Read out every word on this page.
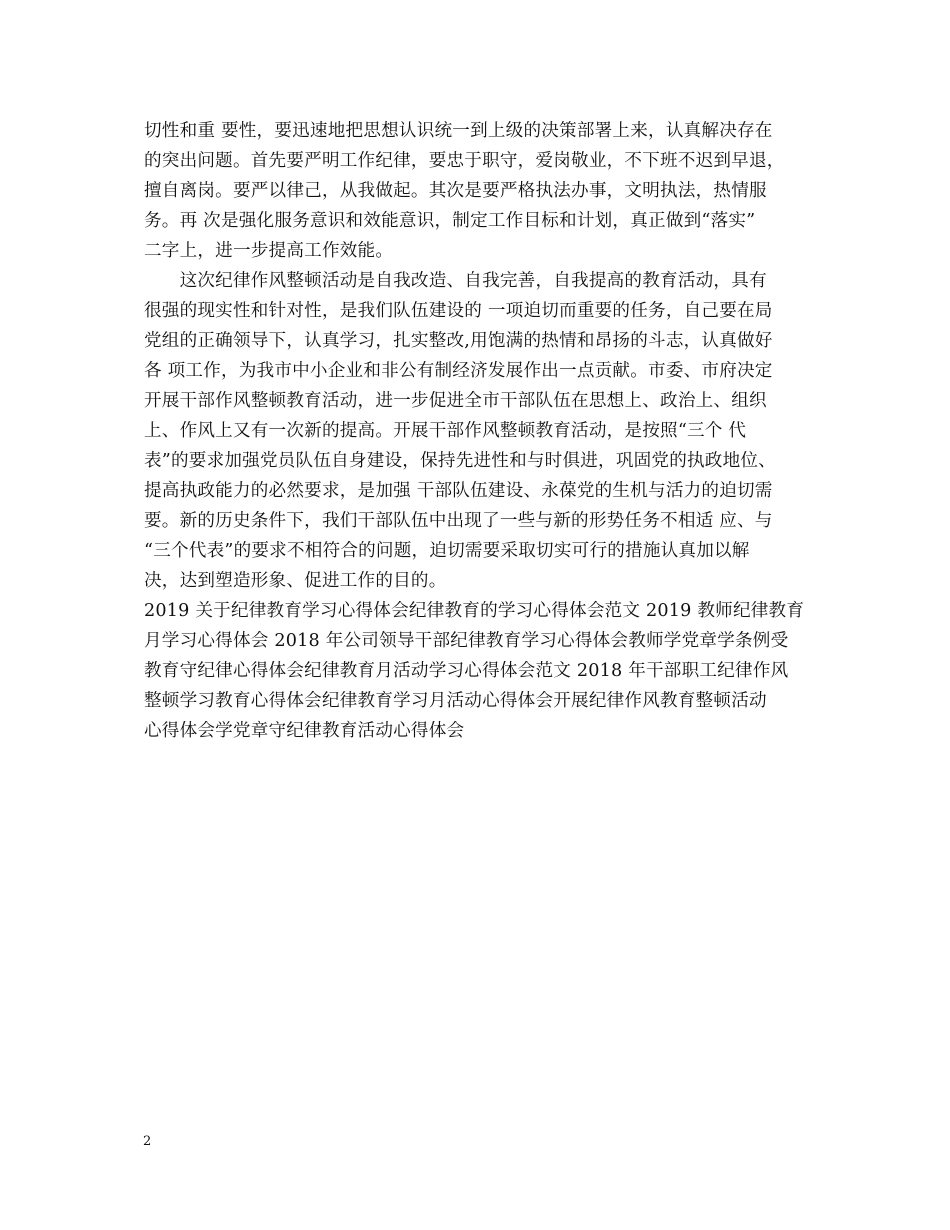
切性和重 要性，要迅速地把思想认识统一到上级的决策部署上来，认真解决存在
的突出问题。首先要严明工作纪律，要忠于职守，爱岗敬业，不下班不迟到早退，
擅自离岗。要严以律己，从我做起。其次是要严格执法办事，文明执法，热情服
务。再 次是强化服务意识和效能意识，制定工作目标和计划，真正做到“落实”
二字上，进一步提高工作效能。
　　这次纪律作风整顿活动是自我改造、自我完善，自我提高的教育活动，具有
很强的现实性和针对性，是我们队伍建设的 一项迫切而重要的任务，自己要在局
党组的正确领导下，认真学习，扎实整改,用饱满的热情和昂扬的斗志，认真做好
各 项工作，为我市中小企业和非公有制经济发展作出一点贡献。市委、市府决定
开展干部作风整顿教育活动，进一步促进全市干部队伍在思想上、政治上、组织
上、作风上又有一次新的提高。开展干部作风整顿教育活动，是按照“三个 代
表”的要求加强党员队伍自身建设，保持先进性和与时俱进，巩固党的执政地位、
提高执政能力的必然要求，是加强 干部队伍建设、永葆党的生机与活力的迫切需
要。新的历史条件下，我们干部队伍中出现了一些与新的形势任务不相适 应、与
“三个代表”的要求不相符合的问题，迫切需要采取切实可行的措施认真加以解
决，达到塑造形象、促进工作的目的。
2019 关于纪律教育学习心得体会纪律教育的学习心得体会范文 2019 教师纪律教育
月学习心得体会 2018 年公司领导干部纪律教育学习心得体会教师学党章学条例受
教育守纪律心得体会纪律教育月活动学习心得体会范文 2018 年干部职工纪律作风
整顿学习教育心得体会纪律教育学习月活动心得体会开展纪律作风教育整顿活动
心得体会学党章守纪律教育活动心得体会
2
